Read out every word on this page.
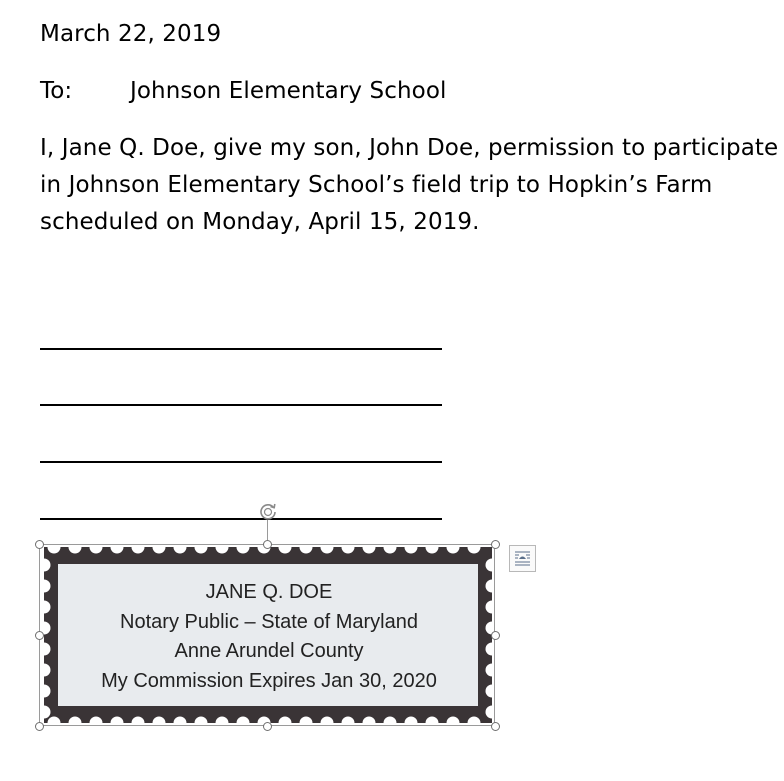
March 22, 2019
To:	Johnson Elementary School
I, Jane Q. Doe, give my son, John Doe, permission to participate
in Johnson Elementary School’s field trip to Hopkin’s Farm
scheduled on Monday, April 15, 2019.
JANE Q. DOE
Notary Public – State of Maryland
Anne Arundel County
My Commission Expires Jan 30, 2020
